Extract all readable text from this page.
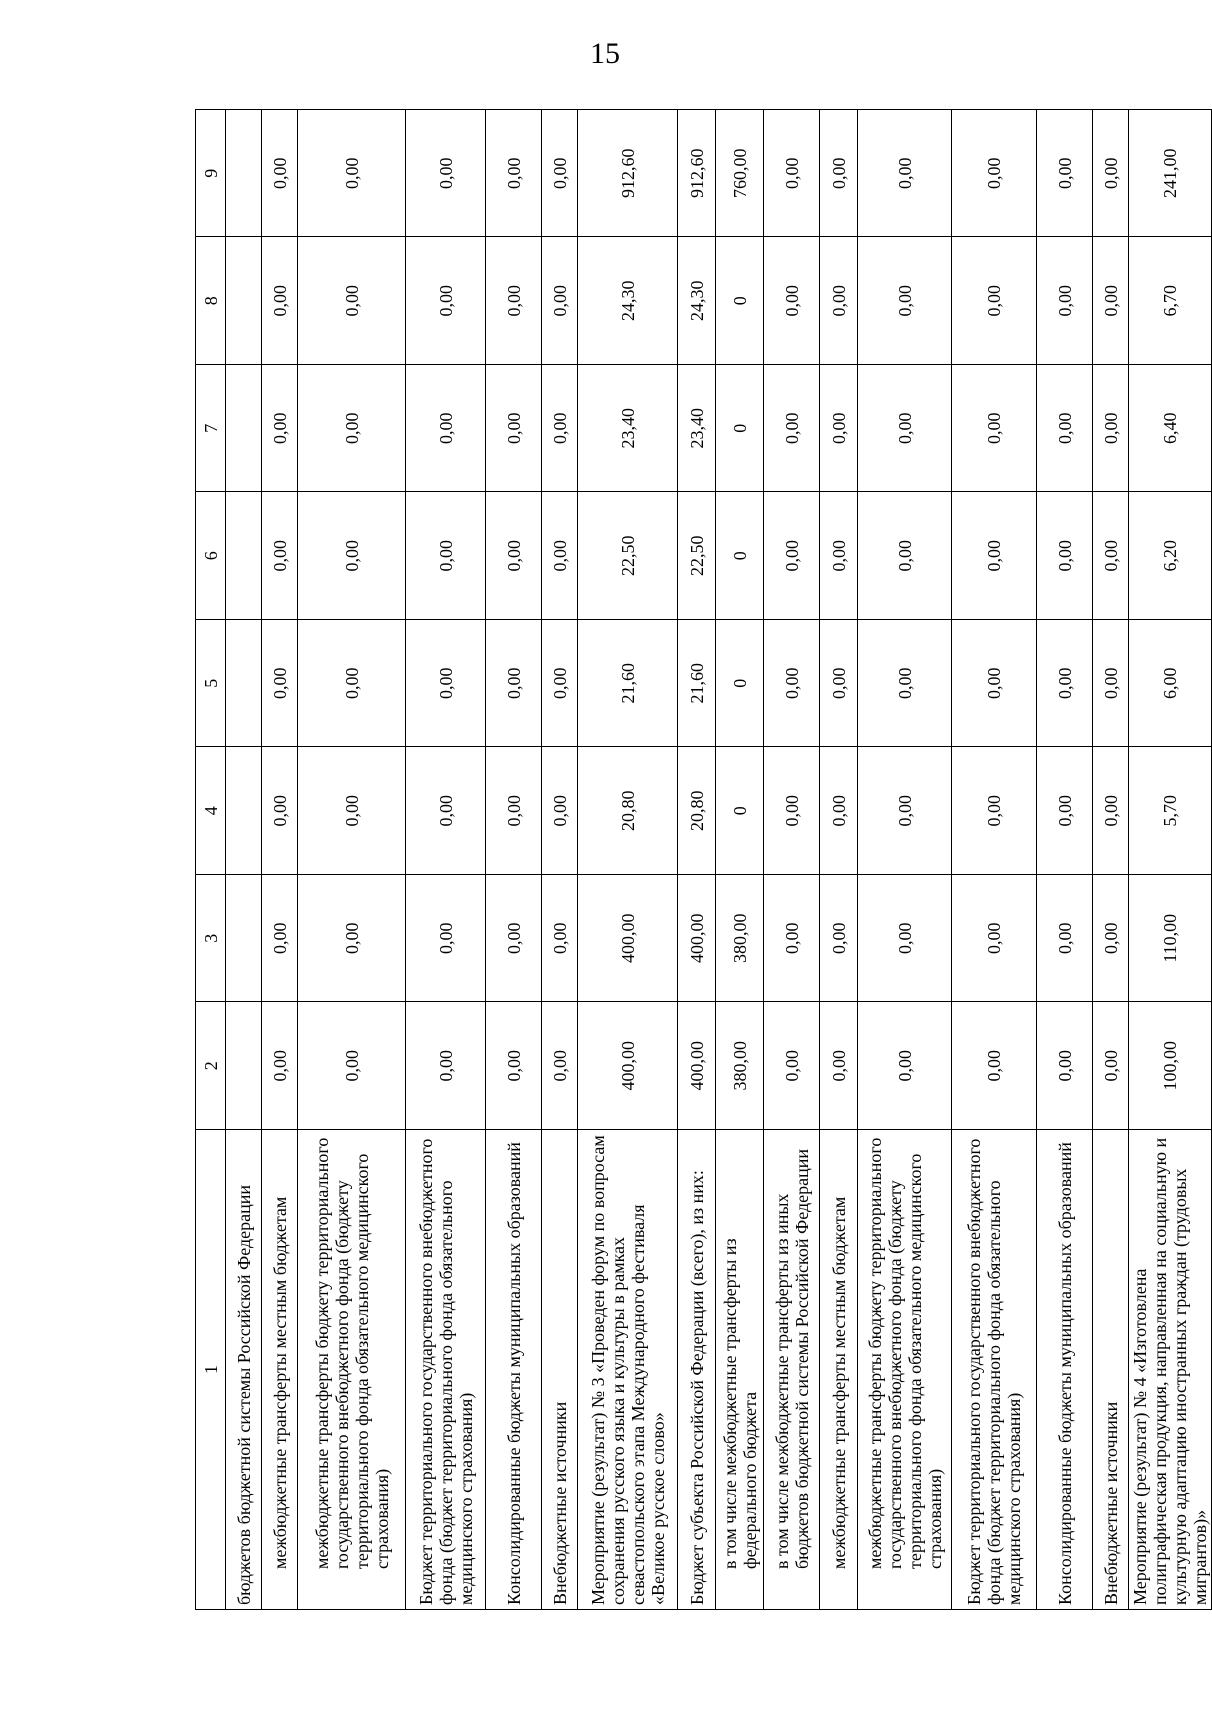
15
1	2	3	4	5	6	7	8	9
бюджетов бюджетной системы Российской Федерации								
межбюджетные трансферты местным бюджетам	0,00	0,00	0,00	0,00	0,00	0,00	0,00	0,00
межбюджетные трансферты бюджету территориального государственного внебюджетного фонда (бюджету территориального фонда обязательного медицинского страхования)	0,00	0,00	0,00	0,00	0,00	0,00	0,00	0,00
Бюджет территориального государственного внебюджетного фонда (бюджет территориального фонда обязательного медицинского страхования)	0,00	0,00	0,00	0,00	0,00	0,00	0,00	0,00
Консолидированные бюджеты муниципальных образований	0,00	0,00	0,00	0,00	0,00	0,00	0,00	0,00
Внебюджетные источники	0,00	0,00	0,00	0,00	0,00	0,00	0,00	0,00
Мероприятие (результат) № 3 «Проведен форум по вопросам сохранения русского языка и культуры в рамках севастопольского этапа Международного фестиваля «Великое русское слово»	400,00	400,00	20,80	21,60	22,50	23,40	24,30	912,60
Бюджет субъекта Российской Федерации (всего), из них:	400,00	400,00	20,80	21,60	22,50	23,40	24,30	912,60
в том числе межбюджетные трансферты из федерального бюджета	380,00	380,00	0	0	0	0	0	760,00
в том числе межбюджетные трансферты из иных бюджетов бюджетной системы Российской Федерации	0,00	0,00	0,00	0,00	0,00	0,00	0,00	0,00
межбюджетные трансферты местным бюджетам	0,00	0,00	0,00	0,00	0,00	0,00	0,00	0,00
межбюджетные трансферты бюджету территориального государственного внебюджетного фонда (бюджету территориального фонда обязательного медицинского страхования)	0,00	0,00	0,00	0,00	0,00	0,00	0,00	0,00
Бюджет территориального государственного внебюджетного фонда (бюджет территориального фонда обязательного медицинского страхования)	0,00	0,00	0,00	0,00	0,00	0,00	0,00	0,00
Консолидированные бюджеты муниципальных образований	0,00	0,00	0,00	0,00	0,00	0,00	0,00	0,00
Внебюджетные источники	0,00	0,00	0,00	0,00	0,00	0,00	0,00	0,00
Мероприятие (результат) № 4 «Изготовлена полиграфическая продукция, направленная на социальную и культурную адаптацию иностранных граждан (трудовых мигрантов)»	100,00	110,00	5,70	6,00	6,20	6,40	6,70	241,00
